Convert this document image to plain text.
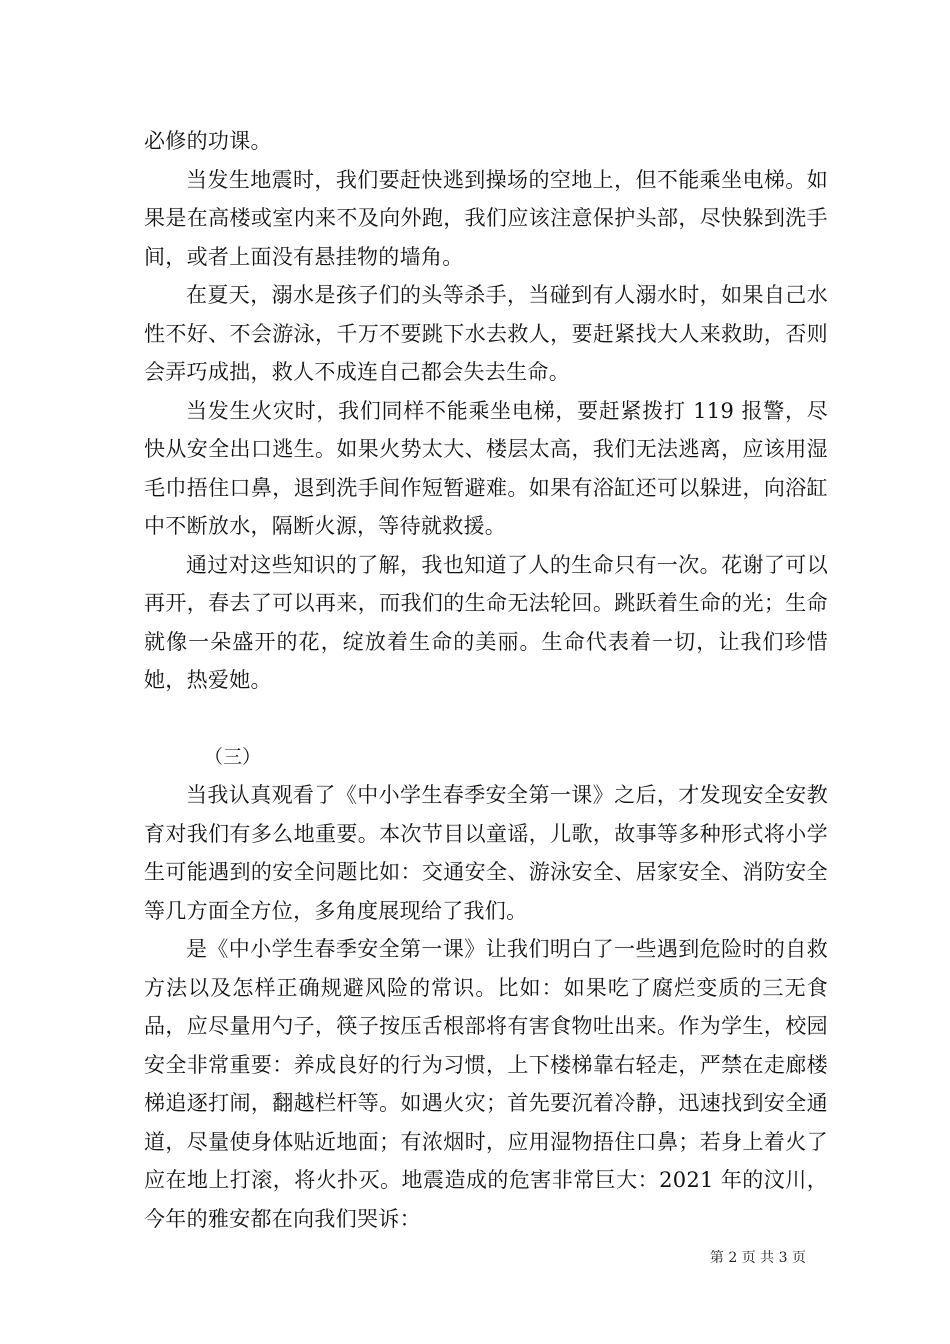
必修的功课。

当发生地震时，我们要赶快逃到操场的空地上，但不能乘坐电梯。如果是在高楼或室内来不及向外跑，我们应该注意保护头部，尽快躲到洗手间，或者上面没有悬挂物的墙角。

在夏天，溺水是孩子们的头等杀手，当碰到有人溺水时，如果自己水性不好、不会游泳，千万不要跳下水去救人，要赶紧找大人来救助，否则会弄巧成拙，救人不成连自己都会失去生命。

当发生火灾时，我们同样不能乘坐电梯，要赶紧拨打 119 报警，尽快从安全出口逃生。如果火势太大、楼层太高，我们无法逃离，应该用湿毛巾捂住口鼻，退到洗手间作短暂避难。如果有浴缸还可以躲进，向浴缸中不断放水，隔断火源，等待就救援。

通过对这些知识的了解，我也知道了人的生命只有一次。花谢了可以再开，春去了可以再来，而我们的生命无法轮回。跳跃着生命的光；生命就像一朵盛开的花，绽放着生命的美丽。生命代表着一切，让我们珍惜她，热爱她。

（三）

当我认真观看了《中小学生春季安全第一课》之后，才发现安全安教育对我们有多么地重要。本次节目以童谣，儿歌，故事等多种形式将小学生可能遇到的安全问题比如：交通安全、游泳安全、居家安全、消防安全等几方面全方位，多角度展现给了我们。

是《中小学生春季安全第一课》让我们明白了一些遇到危险时的自救方法以及怎样正确规避风险的常识。比如：如果吃了腐烂变质的三无食品，应尽量用勺子，筷子按压舌根部将有害食物吐出来。作为学生，校园安全非常重要：养成良好的行为习惯，上下楼梯靠右轻走，严禁在走廊楼梯追逐打闹，翻越栏杆等。如遇火灾；首先要沉着冷静，迅速找到安全通道，尽量使身体贴近地面；有浓烟时，应用湿物捂住口鼻；若身上着火了应在地上打滚，将火扑灭。地震造成的危害非常巨大：2021 年的汶川，今年的雅安都在向我们哭诉：

第 2 页 共 3 页
